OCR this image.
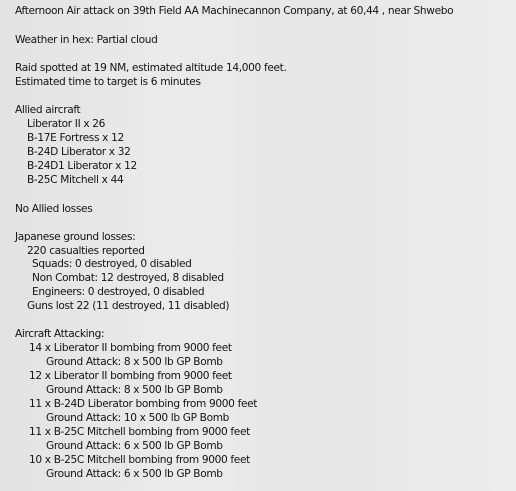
Afternoon Air attack on 39th Field AA Machinecannon Company, at 60,44 , near Shwebo
Weather in hex: Partial cloud
Raid spotted at 19 NM, estimated altitude 14,000 feet.
Estimated time to target is 6 minutes
Allied aircraft
Liberator II x 26
B-17E Fortress x 12
B-24D Liberator x 32
B-24D1 Liberator x 12
B-25C Mitchell x 44
No Allied losses
Japanese ground losses:
220 casualties reported
Squads: 0 destroyed, 0 disabled
Non Combat: 12 destroyed, 8 disabled
Engineers: 0 destroyed, 0 disabled
Guns lost 22 (11 destroyed, 11 disabled)
Aircraft Attacking:
14 x Liberator II bombing from 9000 feet
Ground Attack: 8 x 500 lb GP Bomb
12 x Liberator II bombing from 9000 feet
Ground Attack: 8 x 500 lb GP Bomb
11 x B-24D Liberator bombing from 9000 feet
Ground Attack: 10 x 500 lb GP Bomb
11 x B-25C Mitchell bombing from 9000 feet
Ground Attack: 6 x 500 lb GP Bomb
10 x B-25C Mitchell bombing from 9000 feet
Ground Attack: 6 x 500 lb GP Bomb
